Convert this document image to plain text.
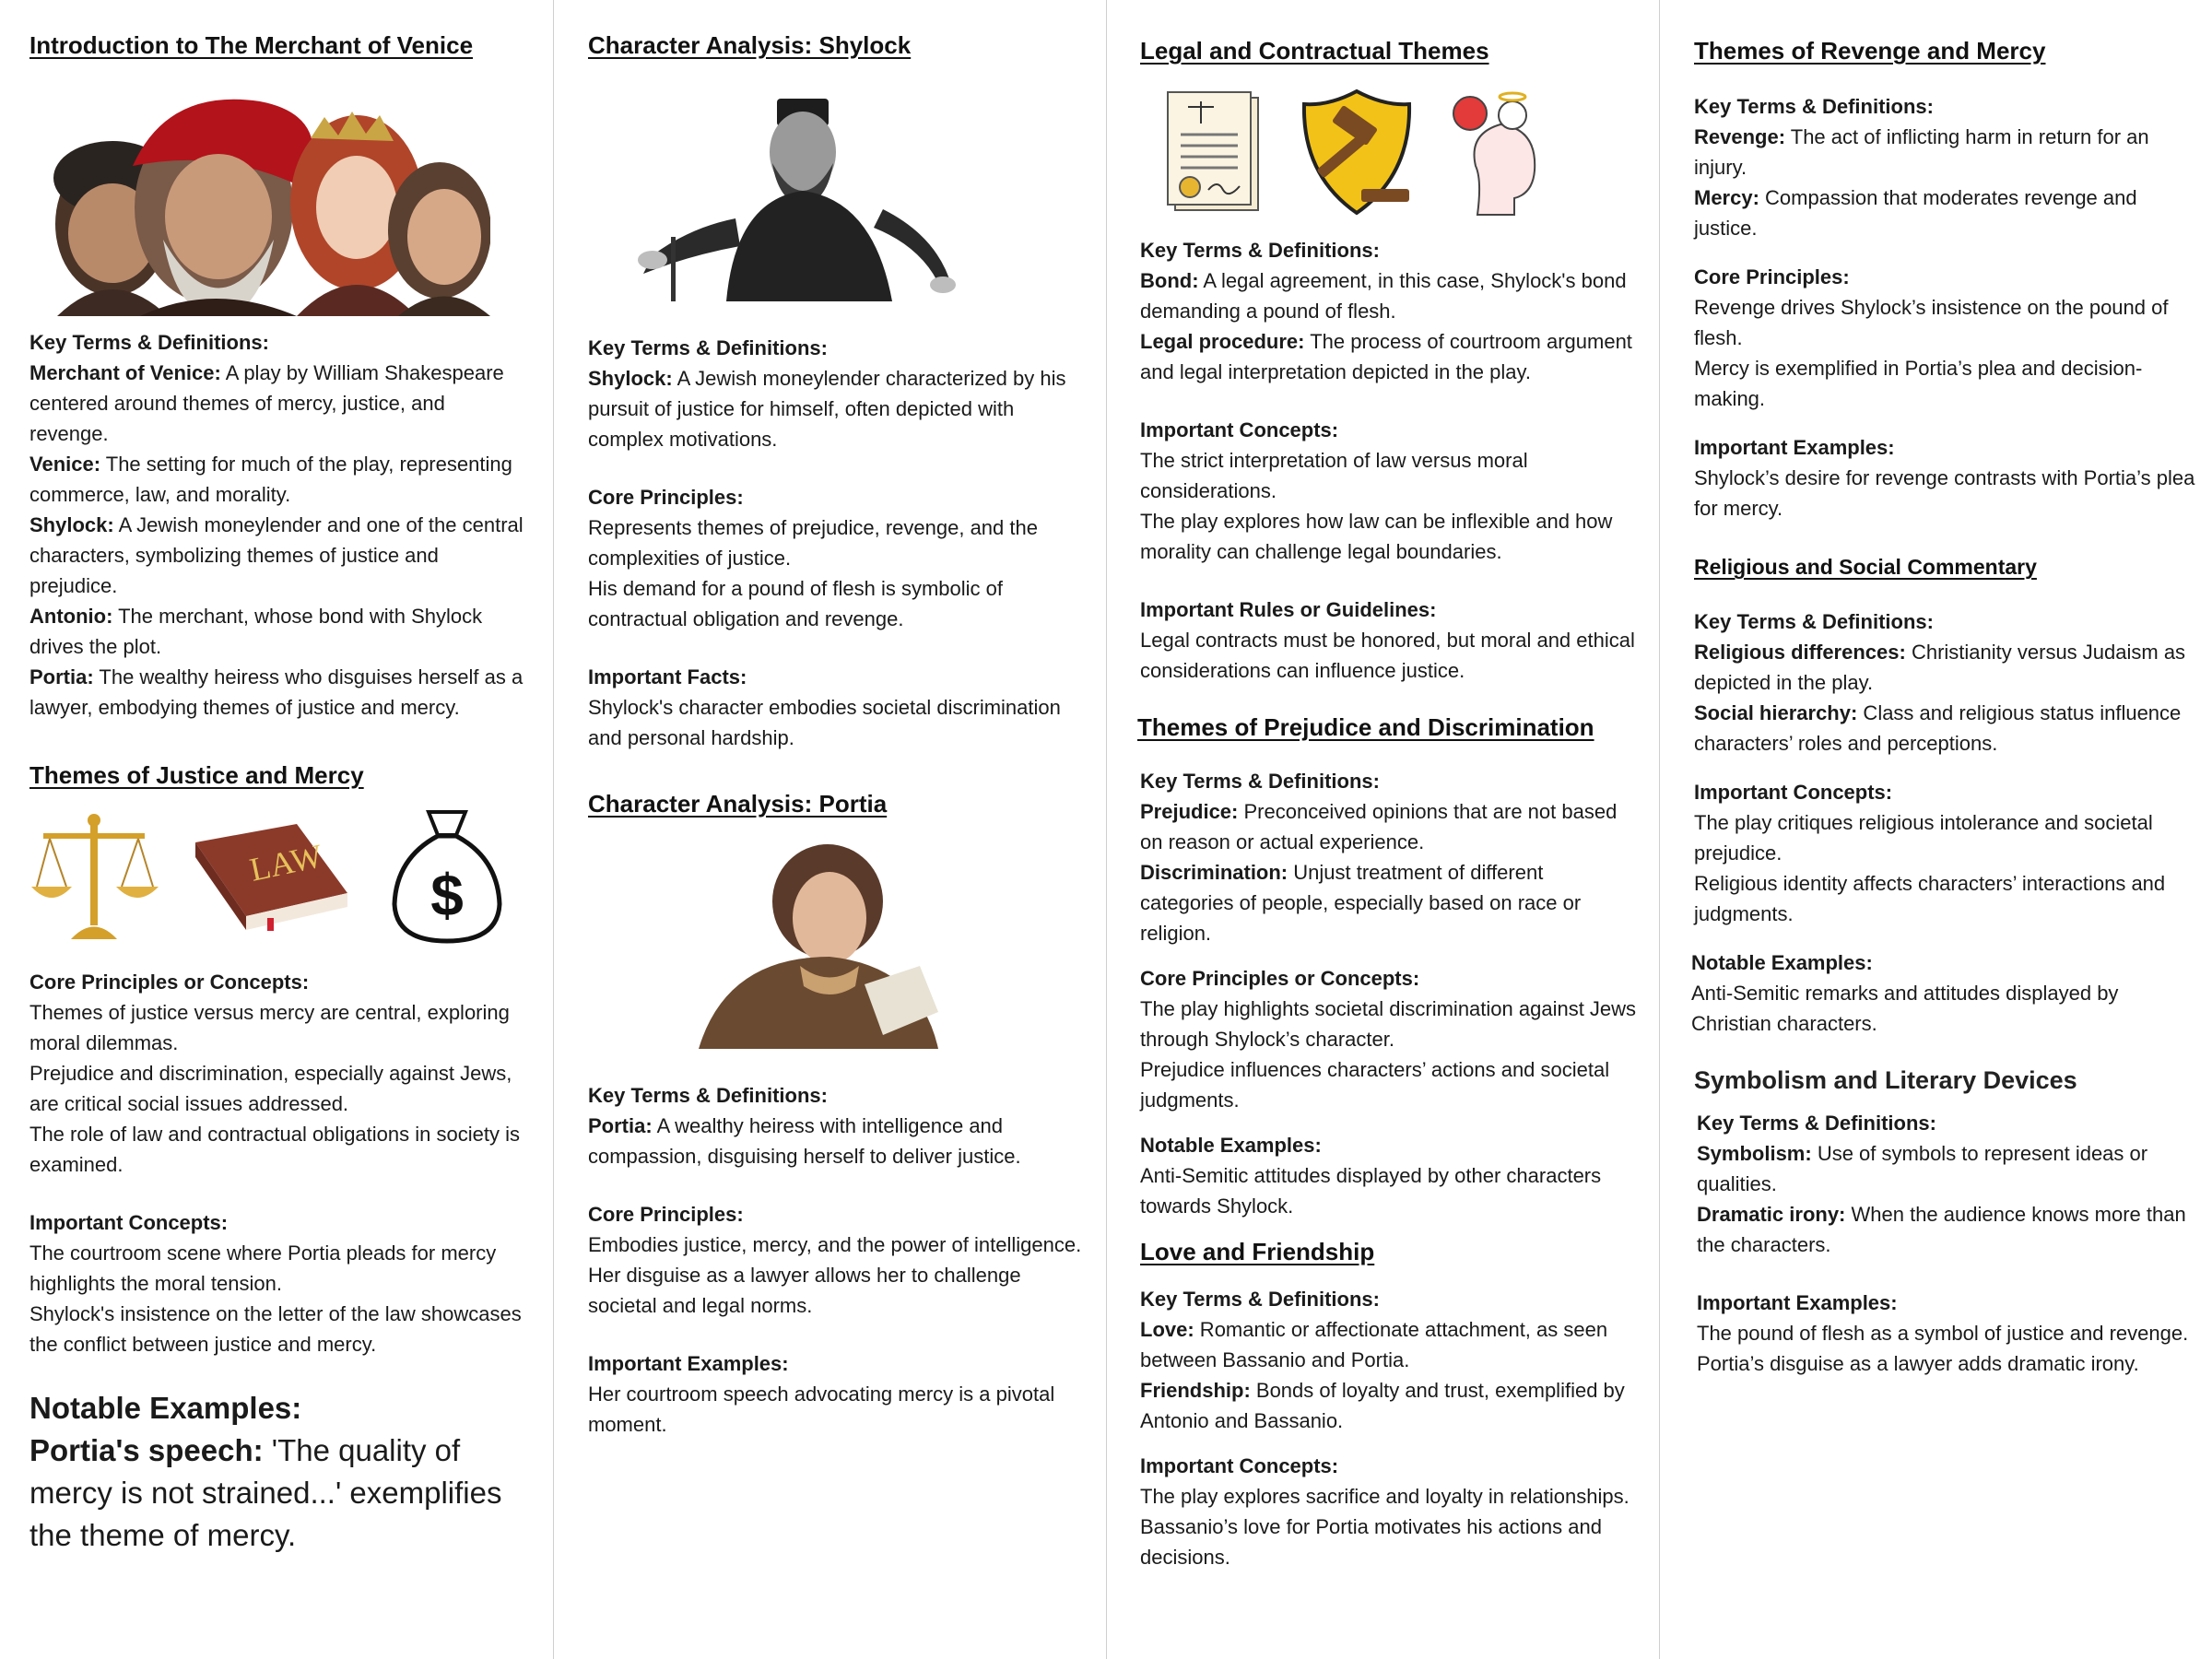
Introduction to The Merchant of Venice
Key Terms & Definitions:

Merchant of Venice: A play by William Shakespeare centered around themes of mercy, justice, and revenge.

Venice: The setting for much of the play, representing commerce, law, and morality.

Shylock: A Jewish moneylender and one of the central characters, symbolizing themes of justice and prejudice.

Antonio: The merchant, whose bond with Shylock drives the plot.

Portia: The wealthy heiress who disguises herself as a lawyer, embodying themes of justice and mercy.

Themes of Justice and Mercy
LAW $
Core Principles or Concepts:

Themes of justice versus mercy are central, exploring moral dilemmas.

Prejudice and discrimination, especially against Jews, are critical social issues addressed.

The role of law and contractual obligations in society is examined.

Important Concepts:

The courtroom scene where Portia pleads for mercy highlights the moral tension.

Shylock's insistence on the letter of the law showcases the conflict between justice and mercy.

Notable Examples:

Portia's speech: 'The quality of mercy is not strained...' exemplifies the theme of mercy.

Character Analysis: Shylock
Key Terms & Definitions:

Shylock: A Jewish moneylender characterized by his pursuit of justice for himself, often depicted with complex motivations.

Core Principles:

Represents themes of prejudice, revenge, and the complexities of justice.

His demand for a pound of flesh is symbolic of contractual obligation and revenge.

Important Facts:

Shylock's character embodies societal discrimination and personal hardship.

Character Analysis: Portia
Key Terms & Definitions:

Portia: A wealthy heiress with intelligence and compassion, disguising herself to deliver justice.

Core Principles:

Embodies justice, mercy, and the power of intelligence.

Her disguise as a lawyer allows her to challenge societal and legal norms.

Important Examples:

Her courtroom speech advocating mercy is a pivotal moment.

Legal and Contractual Themes
Key Terms & Definitions:

Bond: A legal agreement, in this case, Shylock's bond demanding a pound of flesh.

Legal procedure: The process of courtroom argument and legal interpretation depicted in the play.

Important Concepts:

The strict interpretation of law versus moral considerations.

The play explores how law can be inflexible and how morality can challenge legal boundaries.

Important Rules or Guidelines:

Legal contracts must be honored, but moral and ethical considerations can influence justice.

Themes of Prejudice and Discrimination
Key Terms & Definitions:

Prejudice: Preconceived opinions that are not based on reason or actual experience.

Discrimination: Unjust treatment of different categories of people, especially based on race or religion.

Core Principles or Concepts:

The play highlights societal discrimination against Jews through Shylock’s character.

Prejudice influences characters’ actions and societal judgments.

Notable Examples:

Anti-Semitic attitudes displayed by other characters towards Shylock.

Love and Friendship
Key Terms & Definitions:

Love: Romantic or affectionate attachment, as seen between Bassanio and Portia.

Friendship: Bonds of loyalty and trust, exemplified by Antonio and Bassanio.

Important Concepts:

The play explores sacrifice and loyalty in relationships.

Bassanio’s love for Portia motivates his actions and decisions.

Themes of Revenge and Mercy
Key Terms & Definitions:

Revenge: The act of inflicting harm in return for an injury.

Mercy: Compassion that moderates revenge and justice.

Core Principles:

Revenge drives Shylock’s insistence on the pound of flesh.

Mercy is exemplified in Portia’s plea and decision-making.

Important Examples:

Shylock’s desire for revenge contrasts with Portia’s plea for mercy.

Religious and Social Commentary
Key Terms & Definitions:

Religious differences: Christianity versus Judaism as depicted in the play.

Social hierarchy: Class and religious status influence characters’ roles and perceptions.

Important Concepts:

The play critiques religious intolerance and societal prejudice.

Religious identity affects characters’ interactions and judgments.

Notable Examples:

Anti-Semitic remarks and attitudes displayed by Christian characters.

Symbolism and Literary Devices
Key Terms & Definitions:

Symbolism: Use of symbols to represent ideas or qualities.

Dramatic irony: When the audience knows more than the characters.

Important Examples:

The pound of flesh as a symbol of justice and revenge.

Portia’s disguise as a lawyer adds dramatic irony.
